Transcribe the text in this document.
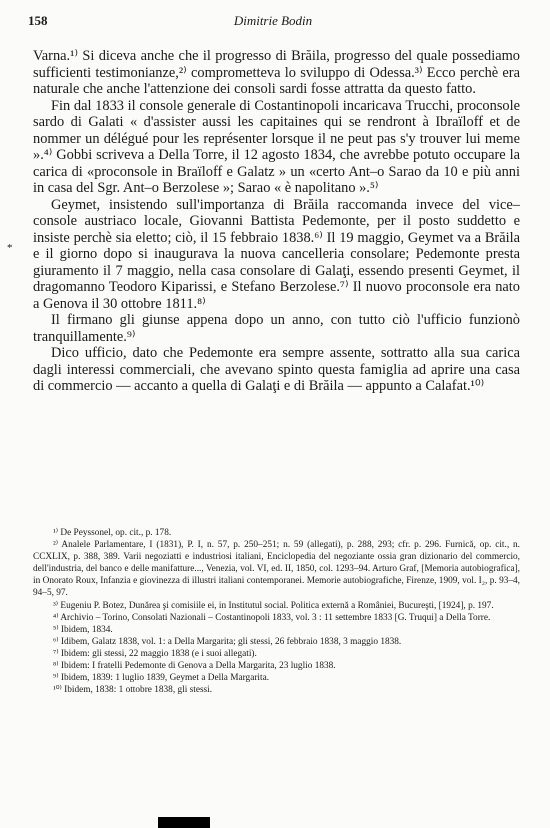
158	Dimitrie Bodin
*

Varna.¹⁾ Si diceva anche che il progresso di Brăila, progresso del quale possediamo sufficienti testimonianze,²⁾ comprometteva lo sviluppo di Odessa.³⁾ Ecco perchè era naturale che anche l'attenzione dei consoli sardi fosse attratta da questo fatto.

Fin dal 1833 il console generale di Costantinopoli incaricava Trucchi, proconsole sardo di Galati « d'assister aussi les capitaines qui se rendront à Ibraïloff et de nommer un délégué pour les représenter lorsque il ne peut pas s'y trouver lui meme ».⁴⁾ Gobbi scriveva a Della Torre, il 12 agosto 1834, che avrebbe potuto occupare la carica di «proconsole in Braïloff e Galatz » un «certo Ant–o Sarao da 10 e più anni in casa del Sgr. Ant–o Berzolese »; Sarao « è napolitano ».⁵⁾

Geymet, insistendo sull'importanza di Brăila raccomanda invece del vice–console austriaco locale, Giovanni Battista Pedemonte, per il posto suddetto e insiste perchè sia eletto; ciò, il 15 febbraio 1838.⁶⁾ Il 19 maggio, Geymet va a Brăila e il giorno dopo si inaugurava la nuova cancelleria consolare; Pedemonte presta giuramento il 7 maggio, nella casa consolare di Galaţi, essendo presenti Geymet, il dragomanno Teodoro Kiparissi, e Stefano Berzolese.⁷⁾ Il nuovo proconsole era nato a Genova il 30 ottobre 1811.⁸⁾

Il firmano gli giunse appena dopo un anno, con tutto ciò l'ufficio funzionò tranquillamente.⁹⁾

Dico ufficio, dato che Pedemonte era sempre assente, sottratto alla sua carica dagli interessi commerciali, che avevano spinto questa famiglia ad aprire una casa di commercio — accanto a quella di Galaţi e di Brăila — appunto a Calafat.¹⁰⁾

¹⁾ De Peyssonel, op. cit., p. 178.

²⁾ Analele Parlamentare, I (1831), P. I, n. 57, p. 250–251; n. 59 (allegati), p. 288, 293; cfr. p. 296. Furnică, op. cit., n. CCXLIX, p. 388, 389. Varii negoziatti e industriosi italiani, Enciclopedia del negoziante ossia gran dizionario del commercio, dell'industria, del banco e delle manifatture..., Venezia, vol. VI, ed. II, 1850, col. 1293–94. Arturo Graf, [Memoria autobiografica], in Onorato Roux, Infanzia e giovinezza di illustri italiani contemporanei. Memorie autobiografiche, Firenze, 1909, vol. I₂, p. 93–4, 94–5, 97.

³⁾ Eugeniu P. Botez, Dunărea şi comisiile ei, in Institutul social. Politica externă a României, Bucureşti, [1924], p. 197.

⁴⁾ Archivio – Torino, Consolati Nazionali – Costantinopoli 1833, vol. 3 : 11 settembre 1833 [G. Truqui] a Della Torre.

⁵⁾ Ibidem, 1834.

⁶⁾ Idibem, Galatz 1838, vol. 1: a Della Margarita; gli stessi, 26 febbraio 1838, 3 maggio 1838.

⁷⁾ Ibidem: gli stessi, 22 maggio 1838 (e i suoi allegati).

⁸⁾ Ibidem: I fratelli Pedemonte di Genova a Della Margarita, 23 luglio 1838.

⁹⁾ Ibidem, 1839: 1 luglio 1839, Geymet a Della Margarita.

¹⁰⁾ Ibidem, 1838: 1 ottobre 1838, gli stessi.
